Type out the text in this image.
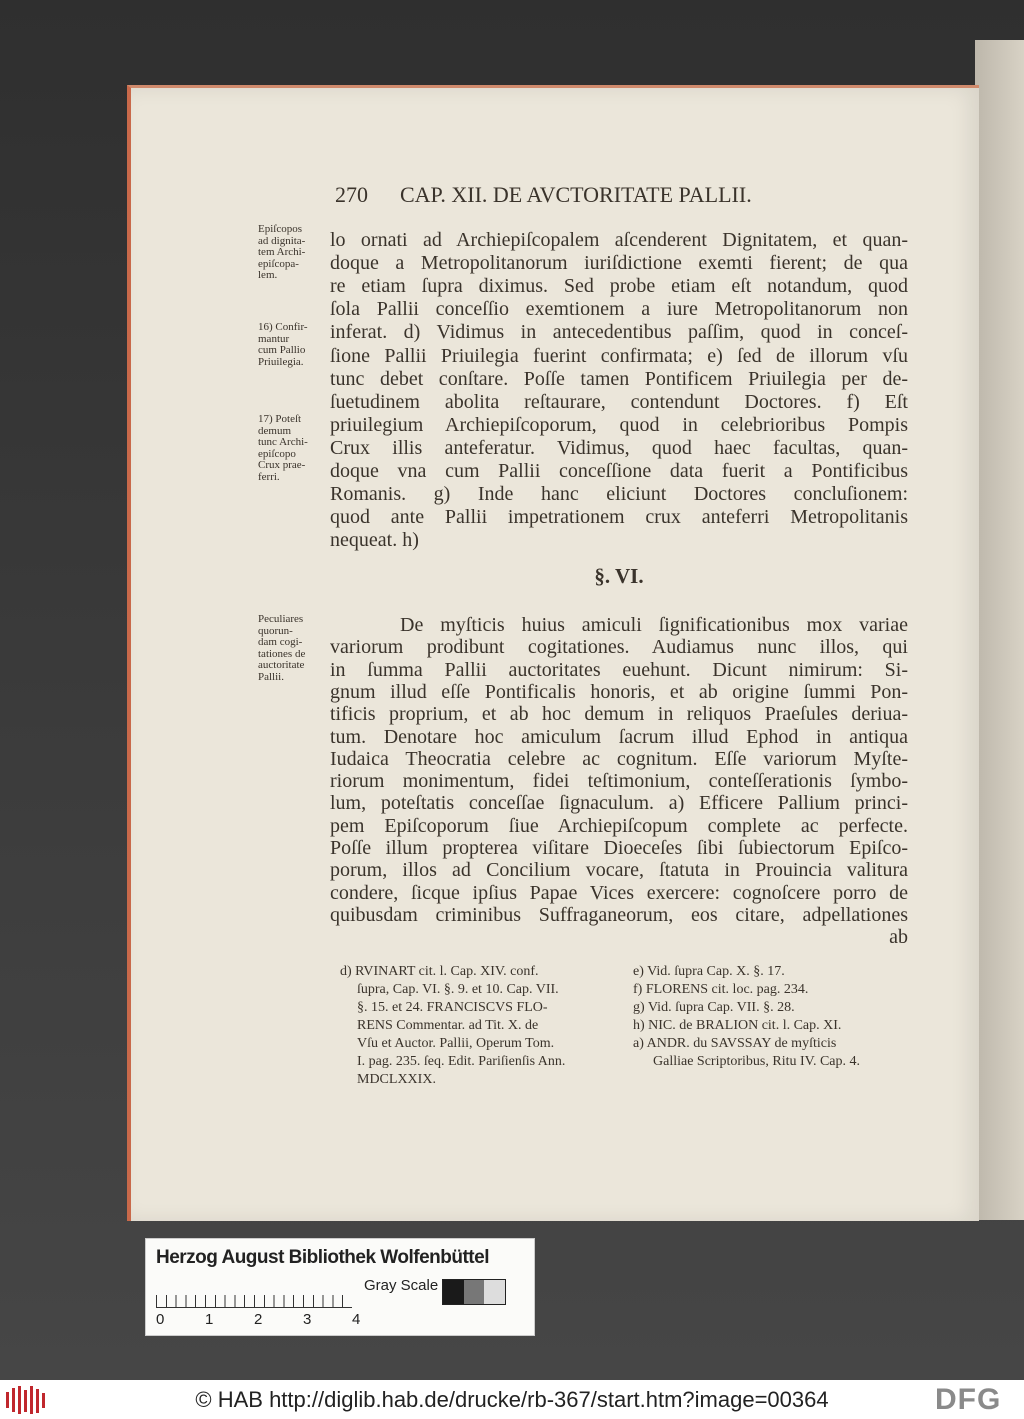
270 CAP. XII. DE AVCTORITATE PALLII.
lo ornati ad Archiepiſcopalem aſcenderent Dignitatem, et quan-
doque a Metropolitanorum iuriſdictione exemti fierent; de qua
re etiam ſupra diximus. Sed probe etiam eſt notandum, quod
ſola Pallii conceſſio exemtionem a iure Metropolitanorum non
inferat. d) Vidimus in antecedentibus paſſim, quod in conceſ-
ſione Pallii Priuilegia fuerint confirmata; e) ſed de illorum vſu
tunc debet conſtare. Poſſe tamen Pontificem Priuilegia per de-
ſuetudinem abolita reſtaurare, contendunt Doctores. f) Eſt
priuilegium Archiepiſcoporum, quod in celebrioribus Pompis
Crux illis anteferatur. Vidimus, quod haec facultas, quan-
doque vna cum Pallii conceſſione data fuerit a Pontificibus
Romanis. g) Inde hanc eliciunt Doctores concluſionem:
quod ante Pallii impetrationem crux anteferri Metropolitanis
nequeat. h)
De myſticis huius amiculi ſignificationibus mox variae
variorum prodibunt cogitationes. Audiamus nunc illos, qui
in ſumma Pallii auctoritates euehunt. Dicunt nimirum: Si-
gnum illud eſſe Pontificalis honoris, et ab origine ſummi Pon-
tificis proprium, et ab hoc demum in reliquos Praeſules deriua-
tum. Denotare hoc amiculum ſacrum illud Ephod in antiqua
Iudaica Theocratia celebre ac cognitum. Eſſe variorum Myſte-
riorum monimentum, fidei teſtimonium, conteſſerationis ſymbo-
lum, poteſtatis conceſſae ſignaculum. a) Efficere Pallium princi-
pem Epiſcoporum ſiue Archiepiſcopum complete ac perfecte.
Poſſe illum propterea viſitare Dioeceſes ſibi ſubiectorum Epiſco-
porum, illos ad Concilium vocare, ſtatuta in Prouincia valitura
condere, ſicque ipſius Papae Vices exercere: cognoſcere porro de
quibusdam criminibus Suffraganeorum, eos citare, adpellationes
ab
Epiſcopos
ad dignita-
tem Archi-
epiſcopa-
lem.
16) Confir-
mantur
cum Pallio
Priuilegia.
17) Poteſt
demum
tunc Archi-
epiſcopo
Crux prae-
ferri.
Peculiares
quorun-
dam cogi-
tationes de
auctoritate
Pallii.
d) RVINART cit. l. Cap. XIV. conf.
ſupra, Cap. VI. §. 9. et 10. Cap. VII.
§. 15. et 24. FRANCISCVS FLO-
RENS Commentar. ad Tit. X. de
Vſu et Auctor. Pallii, Operum Tom.
I. pag. 235. ſeq. Edit. Pariſienſis Ann.
MDCLXXIX.
e) Vid. ſupra Cap. X. §. 17.
f) FLORENS cit. loc. pag. 234.
g) Vid. ſupra Cap. VII. §. 28.
h) NIC. de BRALION cit. l. Cap. XI.
a) ANDR. du SAVSSAY de myſticis
Galliae Scriptoribus, Ritu IV. Cap. 4.
§. VI.
Herzog August Bibliothek Wolfenbüttel
0	1	2	3	4
Gray Scale
© HAB http://diglib.hab.de/drucke/rb-367/start.htm?image=00364	DFG
